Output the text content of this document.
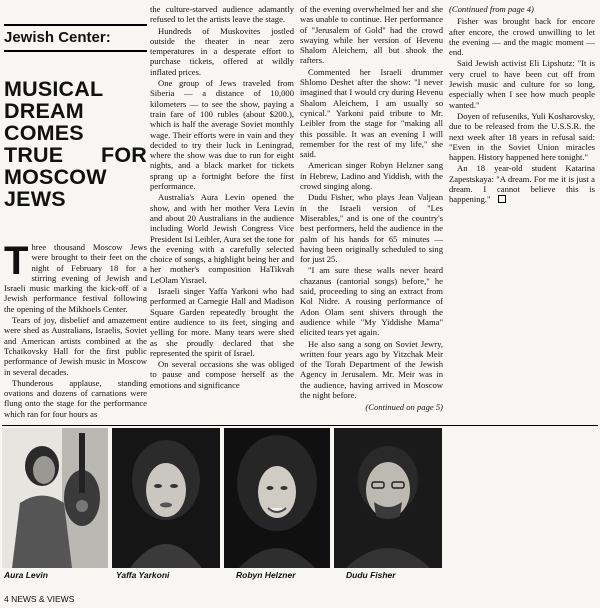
Jewish Center:
MUSICAL DREAM COMES TRUE FOR MOSCOW JEWS

Three thousand Moscow Jews were brought to their feet on the night of February 18 for a stirring evening of Jewish and Israeli music marking the kick-off of a Jewish performance festival following the opening of the Mikhoels Center.

Tears of joy, disbelief and amazement were shed as Australians, Israelis, Soviet and American artists combined at the Tchaikovsky Hall for the first public performance of Jewish music in Moscow in several decades.

Thunderous applause, standing ovations and dozens of carnations were flung onto the stage for the performance which ran for four hours as

the culture-starved audience adamantly refused to let the artists leave the stage.

Hundreds of Muskovites jostled outside the theater in near zero temperatures in a desperate effort to purchase tickets, offered at wildly inflated prices.

One group of Jews traveled from Siberia — a distance of 10,000 kilometers — to see the show, paying a train fare of 100 rubles (about $200.), which is half the average Soviet monthly wage. Their efforts were in vain and they decided to try their luck in Leningrad, where the show was due to run for eight nights, and a black market for tickets sprang up a fortnight before the first performance.

Australia's Aura Levin opened the show, and with her mother Vera Levin and about 20 Australians in the audience including World Jewish Congress Vice President Isi Leibler, Aura set the tone for the evening with a carefully selected choice of songs, a highlight being her and her mother's composition HaTikvah LeOlam Yisrael.

Israeli singer Yaffa Yarkoni who had performed at Carnegie Hall and Madison Square Garden repeatedly brought the entire audience to its feet, singing and yelling for more. Many tears were shed as she proudly declared that she represented the spirit of Israel.

On several occasions she was obliged to pause and compose herself as the emotions and significance

of the evening overwhelmed her and she was unable to continue. Her performance of "Jerusalem of Gold" had the crowd swaying while her version of Hevenu Shalom Aleichem, all but shook the rafters.

Commented her Israeli drummer Shlomo Deshet after the show: "I never imagined that I would cry during Hevenu Shalom Aleichem, I am usually so cynical." Yarkoni paid tribute to Mr. Leibler from the stage for "making all this possible. It was an evening I will remember for the rest of my life," she said.

American singer Robyn Helzner sang in Hebrew, Ladino and Yiddish, with the crowd singing along.

Dudu Fisher, who plays Jean Valjean in the Israeli version of "Les Miserables," and is one of the country's best performers, held the audience in the palm of his hands for 65 minutes — having been originally scheduled to sing for just 25.

"I am sure these walls never heard chazanus (cantorial songs) before," he said, proceeding to sing an extract from Kol Nidre. A rousing performance of Adon Olam sent shivers through the audience while "My Yiddishe Mama" elicited tears yet again.

He also sang a song on Soviet Jewry, written four years ago by Yitzchak Meir of the Torah Department of the Jewish Agency in Jerusalem. Mr. Meir was in the audience, having arrived in Moscow the night before.

(Continued on page 5)
(Continued from page 4)

Fisher was brought back for encore after encore, the crowd unwilling to let the evening — and the magic moment — end.

Said Jewish activist Eli Lipshutz: "It is very cruel to have been cut off from Jewish music and culture for so long, especially when I see how much people wanted."

Doyen of refuseniks, Yuli Kosharovsky, due to be released from the U.S.S.R. the next week after 18 years in refusal said: "Even in the Soviet Union miracles happen. History happened here tonight."

An 18 year-old student Katarina Zapestskaya: "A dream. For me it is just a dream. I cannot believe this is happening."

Aura Levin	Yaffa Yarkoni	Robyn Helzner	Dudu Fisher
4 NEWS & VIEWS
